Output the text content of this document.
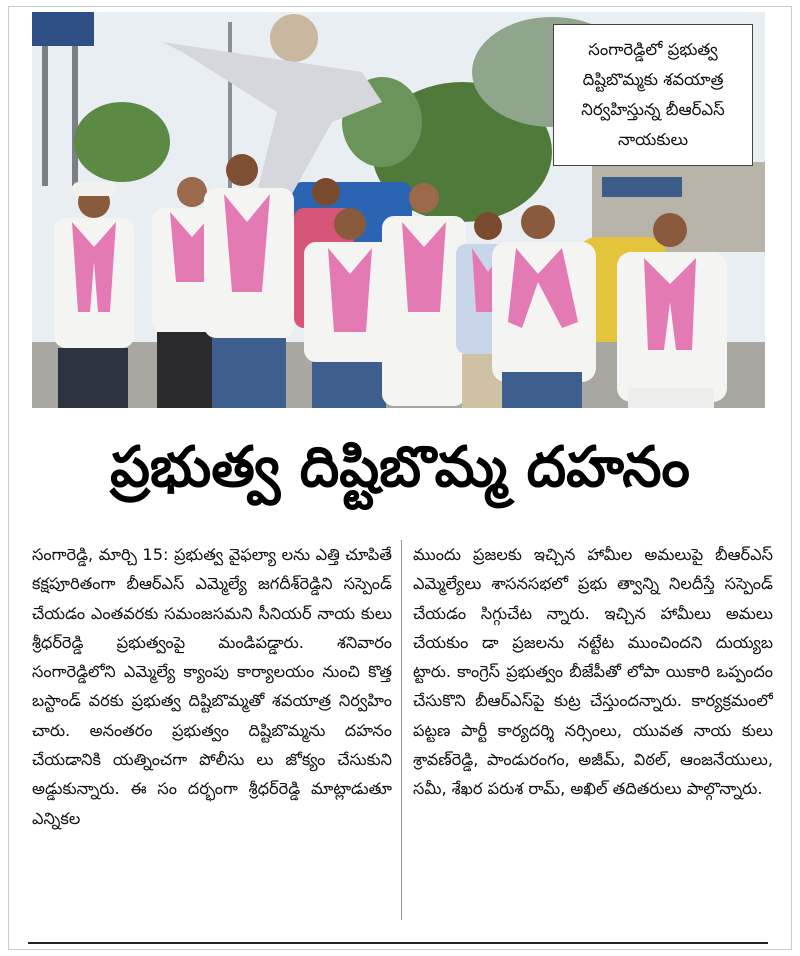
సంగారెడ్డిలో ప్రభుత్వ దిష్టిబొమ్మకు శవయాత్ర నిర్వహిస్తున్న బీఆర్ఎస్ నాయకులు
ప్రభుత్వ దిష్టిబొమ్మ దహనం
సంగారెడ్డి, మార్చి 15: ప్రభుత్వ వైఫల్యా లను ఎత్తి చూపితే కక్షపూరితంగా బీఆర్ఎస్ ఎమ్మెల్యే జగదీశ్‌రెడ్డిని సస్పెండ్ చేయడం ఎంతవరకు సమంజసమని సీనియర్ నాయ కులు శ్రీధర్‌రెడ్డి ప్రభుత్వంపై మండిపడ్డారు. శనివారం సంగారెడ్డిలోని ఎమ్మెల్యే క్యాంపు కార్యాలయం నుంచి కొత్త బస్టాండ్ వరకు ప్రభుత్వ దిష్టిబొమ్మతో శవయాత్ర నిర్వహిం చారు. అనంతరం ప్రభుత్వం దిష్టిబొమ్మను దహనం చేయడానికి యత్నించగా పోలీసు లు జోక్యం చేసుకుని అడ్డుకున్నారు. ఈ సం దర్భంగా శ్రీధర్‌రెడ్డి మాట్లాడుతూ ఎన్నికల
ముందు ప్రజలకు ఇచ్చిన హామీల అమలుపై బీఆర్ఎస్ ఎమ్మెల్యేలు శాసనసభలో ప్రభు త్వాన్ని నిలదీస్తే సస్పెండ్ చేయడం సిగ్గుచేట న్నారు. ఇచ్చిన హామీలు అమలు చేయకుం డా ప్రజలను నట్టేట ముంచిందని దుయ్యబ ట్టారు. కాంగ్రెస్ ప్రభుత్వం బీజేపీతో లోపా యికారి ఒప్పందం చేసుకొని బీఆర్ఎస్‌పై కుట్ర చేస్తుందన్నారు. కార్యక్రమంలో పట్టణ పార్టీ కార్యదర్శి నర్సింలు, యువత నాయ కులు శ్రావణ్‌రెడ్డి, పాండురంగం, అజీమ్, విఠల్, ఆంజనేయులు, సమీ, శేఖర పరుశ రామ్, అఖిల్ తదితరులు పాల్గొన్నారు.
